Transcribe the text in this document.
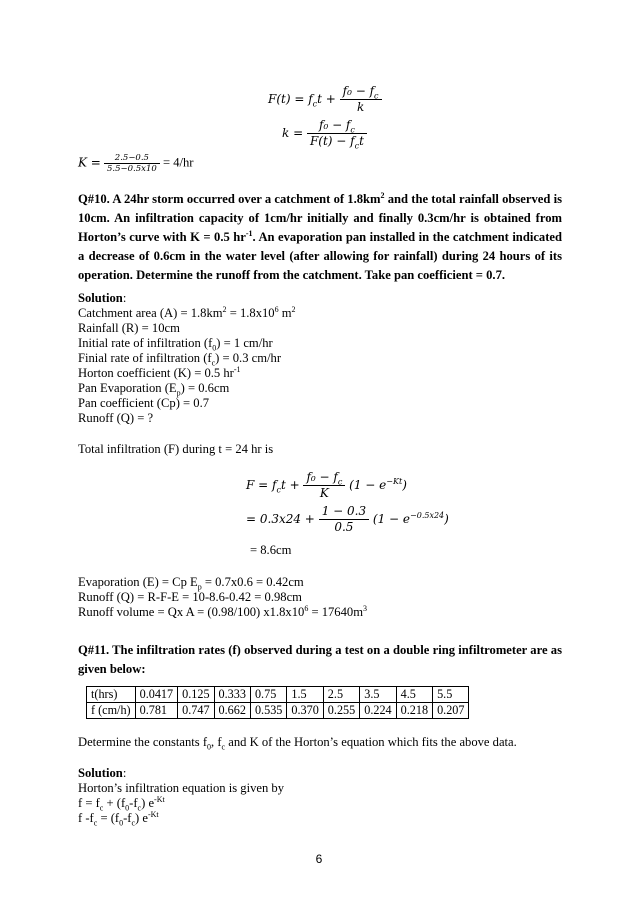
$F(t) = f_ct + \frac{f_0 - f_c}{k}$
$k = \frac{f_0 - f_c}{F(t) - f_ct}$
$K = \frac{2.5-0.5}{5.5-0.5x10} = 4/hr$
Q#10. A 24hr storm occurred over a catchment of $1.8km^2$ and the total rainfall observed is 10cm. An infiltration capacity of 1cm/hr initially and finally 0.3cm/hr is obtained from Horton’s curve with K = 0.5 $hr^{-1}$. An evaporation pan installed in the catchment indicated a decrease of 0.6cm in the water level (after allowing for rainfall) during 24 hours of its operation. Determine the runoff from the catchment. Take pan coefficient = 0.7.
Solution:
Catchment area $(A) = 1.8km^2 = 1.8x10^6$ $m^2$
Rainfall (R) = 10cm
Initial rate of infiltration $(f_0) = 1$ cm/hr
Finial rate of infiltration $(f_c) = 0.3$ cm/hr
Horton coefficient (K) = 0.5 $hr^{-1}$
Pan Evaporation $(E_p) = 0.6cm$
Pan coefficient (Cp) = 0.7
Runoff (Q) = ?
Total infiltration (F) during t = 24 hr is
$F = f_ct + \frac{f_0 - f_c}{K} (1 - e^{-Kt})$
= $0.3x24 + \frac{1 - 0.3}{0.5} (1 - e^{-0.5x24})$
= 8.6cm
Evaporation (E) = Cp $E_p = 0.7x0.6 = 0.42cm$
Runoff (Q) = R-F-E = 10-8.6-0.42 = 0.98cm
Runoff volume = Qx A = (0.98/100) $x1.8x10^6 = 17640m^3$
Q#11. The infiltration rates (f) observed during a test on a double ring infiltrometer are as given below:
t(hrs)	0.0417	0.125	0.333	0.75	1.5	2.5	3.5	4.5	5.5
f (cm/h)	0.781	0.747	0.662	0.535	0.370	0.255	0.224	0.218	0.207
Determine the constants $f_0$, $f_c$ and K of the Horton’s equation which fits the above data.
Solution:
Horton’s infiltration equation is given by
$f = f_c + (f_0-f_c)$ $e^{-Kt}$
f $-f_c = (f_0-f_c)$ $e^{-Kt}$
6
